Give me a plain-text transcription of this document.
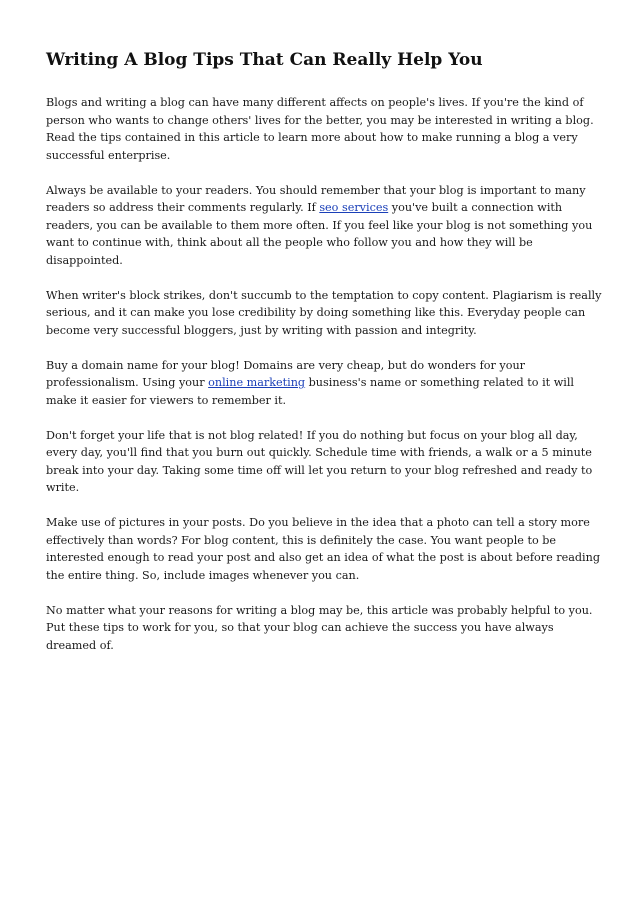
Writing A Blog Tips That Can Really Help You

Blogs and writing a blog can have many different affects on people's lives. If you're the kind of person who wants to change others' lives for the better, you may be interested in writing a blog. Read the tips contained in this article to learn more about how to make running a blog a very successful enterprise.

Always be available to your readers. You should remember that your blog is important to many readers so address their comments regularly. If seo services you've built a connection with readers, you can be available to them more often. If you feel like your blog is not something you want to continue with, think about all the people who follow you and how they will be disappointed.

When writer's block strikes, don't succumb to the temptation to copy content. Plagiarism is really serious, and it can make you lose credibility by doing something like this. Everyday people can become very successful bloggers, just by writing with passion and integrity.

Buy a domain name for your blog! Domains are very cheap, but do wonders for your professionalism. Using your online marketing business's name or something related to it will make it easier for viewers to remember it.

Don't forget your life that is not blog related! If you do nothing but focus on your blog all day, every day, you'll find that you burn out quickly. Schedule time with friends, a walk or a 5 minute break into your day. Taking some time off will let you return to your blog refreshed and ready to write.

Make use of pictures in your posts. Do you believe in the idea that a photo can tell a story more effectively than words? For blog content, this is definitely the case. You want people to be interested enough to read your post and also get an idea of what the post is about before reading the entire thing. So, include images whenever you can.

No matter what your reasons for writing a blog may be, this article was probably helpful to you. Put these tips to work for you, so that your blog can achieve the success you have always dreamed of.
